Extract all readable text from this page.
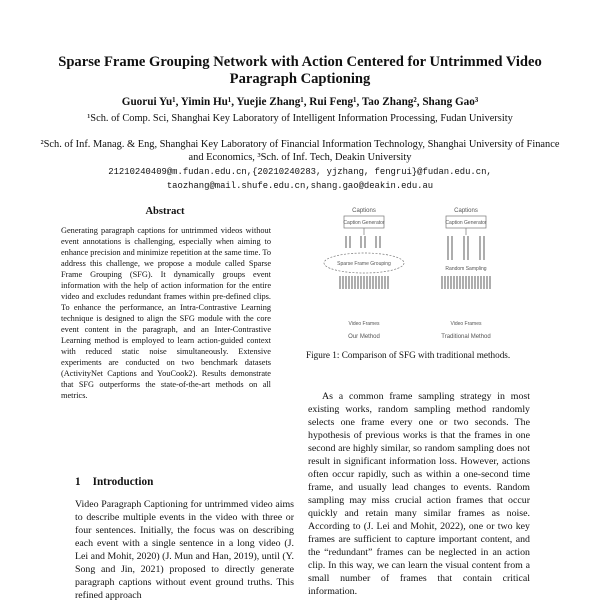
Sparse Frame Grouping Network with Action Centered for Untrimmed Video Paragraph Captioning
Guorui Yu¹, Yimin Hu¹, Yuejie Zhang¹, Rui Feng¹, Tao Zhang², Shang Gao³
¹Sch. of Comp. Sci, Shanghai Key Laboratory of Intelligent Information Processing, Fudan University
²Sch. of Inf. Manag. & Eng, Shanghai Key Laboratory of Financial Information Technology, Shanghai University of Finance and Economics, ³Sch. of Inf. Tech, Deakin University
21210240409@m.fudan.edu.cn,{20210240283, yjzhang, fengrui}@fudan.edu.cn,
taozhang@mail.shufe.edu.cn,shang.gao@deakin.edu.au
Abstract
Generating paragraph captions for untrimmed videos without event annotations is challenging, especially when aiming to enhance precision and minimize repetition at the same time. To address this challenge, we propose a module called Sparse Frame Grouping (SFG). It dynamically groups event information with the help of action information for the entire video and excludes redundant frames within pre-defined clips. To enhance the performance, an Intra-Contrastive Learning technique is designed to align the SFG module with the core event content in the paragraph, and an Inter-Contrastive Learning method is employed to learn action-guided context with reduced static noise simultaneously. Extensive experiments are conducted on two benchmark datasets (ActivityNet Captions and YouCook2). Results demonstrate that SFG outperforms the state-of-the-art methods on all metrics.
1 Introduction
Video Paragraph Captioning for untrimmed video aims to describe multiple events in the video with three or four sentences. Initially, the focus was on describing each event with a single sentence in a long video (J. Lei and Mohit, 2020) (J. Mun and Han, 2019), until (Y. Song and Jin, 2021) proposed to directly generate paragraph captions without event ground truths. This refined approach
Captions
Caption Generator
Sparse Frame Grouping
Video Frames
Our Method
Captions
Caption Generator
Random Sampling
Video Frames
Traditional Method
Figure 1: Comparison of SFG with traditional methods.
As a common frame sampling strategy in most existing works, random sampling method randomly selects one frame every one or two seconds. The hypothesis of previous works is that the frames in one second are highly similar, so random sampling does not result in significant information loss. However, actions often occur rapidly, such as within a one-second time frame, and usually lead changes to events. Random sampling may miss crucial action frames that occur quickly and retain many similar frames as noise. According to (J. Lei and Mohit, 2022), one or two key frames are sufficient to capture important content, and the “redundant” frames can be neglected in an action clip. In this way, we can learn the visual content from a small number of frames that contain critical information.
